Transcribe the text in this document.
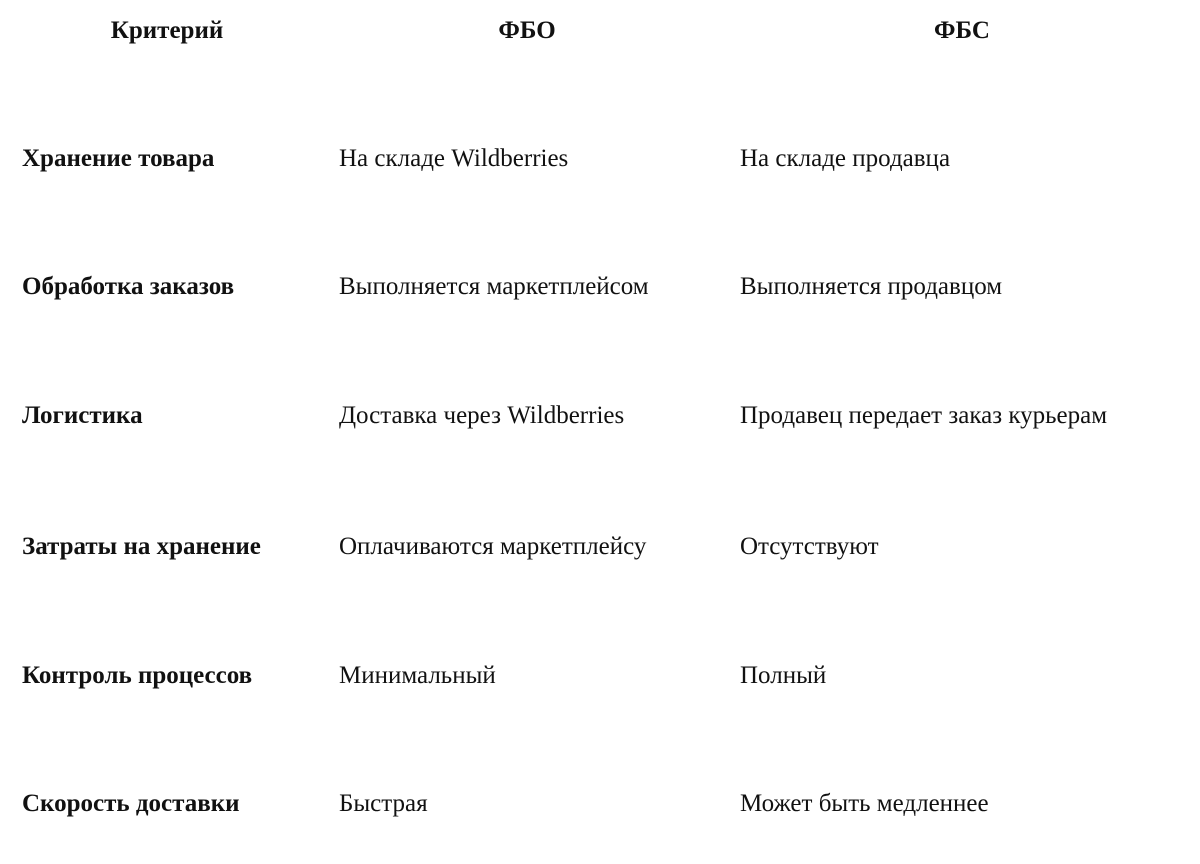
Критерий	ФБО	ФБС
Хранение товара	На складе Wildberries	На складе продавца
Обработка заказов	Выполняется маркетплейсом	Выполняется продавцом
Логистика	Доставка через Wildberries	Продавец передает заказ курьерам
Затраты на хранение	Оплачиваются маркетплейсу	Отсутствуют
Контроль процессов	Минимальный	Полный
Скорость доставки	Быстрая	Может быть медленнее
